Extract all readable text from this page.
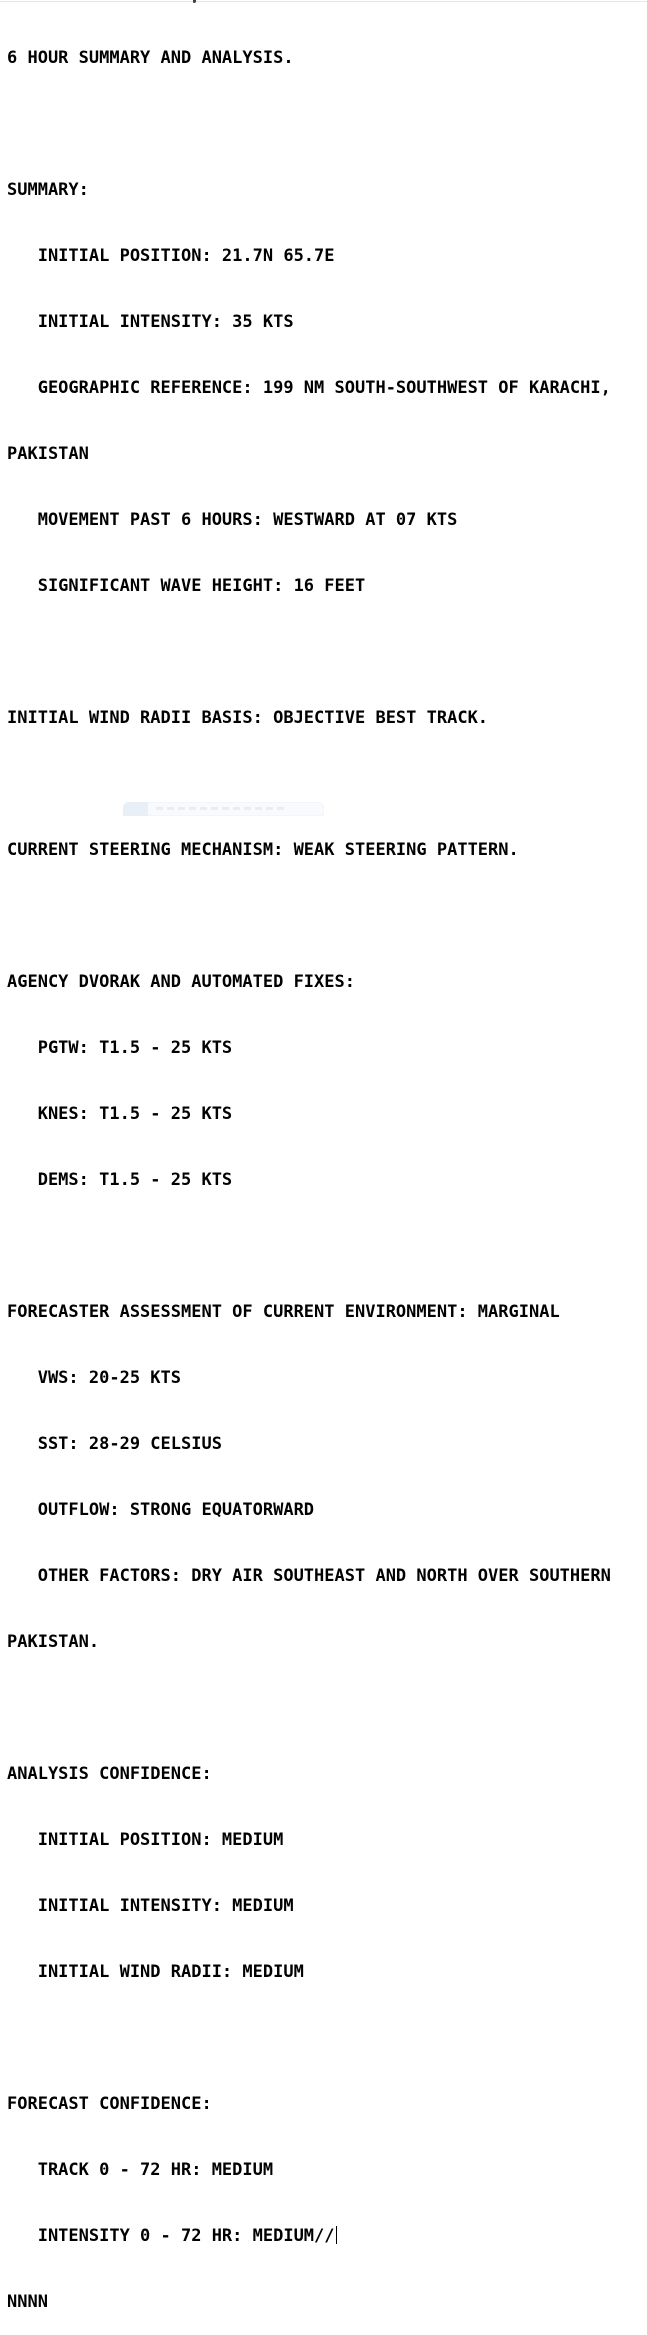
6 HOUR SUMMARY AND ANALYSIS.

SUMMARY:

INITIAL POSITION: 21.7N 65.7E

INITIAL INTENSITY: 35 KTS

GEOGRAPHIC REFERENCE: 199 NM SOUTH-SOUTHWEST OF KARACHI,

PAKISTAN

MOVEMENT PAST 6 HOURS: WESTWARD AT 07 KTS

SIGNIFICANT WAVE HEIGHT: 16 FEET

INITIAL WIND RADII BASIS: OBJECTIVE BEST TRACK.

CURRENT STEERING MECHANISM: WEAK STEERING PATTERN.

AGENCY DVORAK AND AUTOMATED FIXES:

PGTW: T1.5 - 25 KTS

KNES: T1.5 - 25 KTS

DEMS: T1.5 - 25 KTS

FORECASTER ASSESSMENT OF CURRENT ENVIRONMENT: MARGINAL

VWS: 20-25 KTS

SST: 28-29 CELSIUS

OUTFLOW: STRONG EQUATORWARD

OTHER FACTORS: DRY AIR SOUTHEAST AND NORTH OVER SOUTHERN

PAKISTAN.

ANALYSIS CONFIDENCE:

INITIAL POSITION: MEDIUM

INITIAL INTENSITY: MEDIUM

INITIAL WIND RADII: MEDIUM

FORECAST CONFIDENCE:

TRACK 0 - 72 HR: MEDIUM

INTENSITY 0 - 72 HR: MEDIUM//

NNNN
